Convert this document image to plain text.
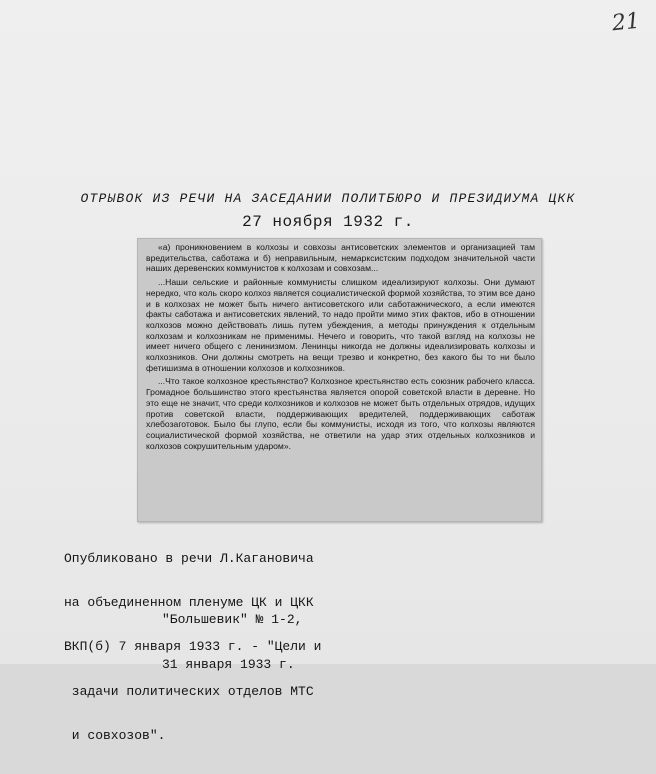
21
ОТРЫВОК ИЗ РЕЧИ НА ЗАСЕДАНИИ ПОЛИТБЮРО И ПРЕЗИДИУМА ЦКК
27 ноября 1932 г.

«а) проникновением в колхозы и совхозы антисоветских элементов и организацией там вредительства, саботажа и б) неправильным, немарксистским подходом значительной части наших деревенских коммунистов к колхозам и совхозам...

...Наши сельские и районные коммунисты слишком идеализируют колхозы. Они думают нередко, что коль скоро колхоз является социалистической формой хозяйства, то этим все дано и в колхозах не может быть ничего антисоветского или саботажнического, а если имеются факты саботажа и антисоветских явлений, то надо пройти мимо этих фактов, ибо в отношении колхозов можно действовать лишь путем убеждения, а методы принуждения к отдельным колхозам и колхозникам не применимы. Нечего и говорить, что такой взгляд на колхозы не имеет ничего общего с ленинизмом. Ленинцы никогда не должны идеализировать колхозы и колхозников. Они должны смотреть на вещи трезво и конкретно, без какого бы то ни было фетишизма в отношении колхозов и колхозников.

...Что такое колхозное крестьянство? Колхозное крестьянство есть союзник рабочего класса. Громадное большинство этого крестьянства является опорой советской власти в деревне. Но это еще не значит, что среди колхозников и колхозов не может быть отдельных отрядов, идущих против советской власти, поддерживающих вредителей, поддерживающих саботаж хлебозаготовок. Было бы глупо, если бы коммунисты, исходя из того, что колхозы являются социалистической формой хозяйства, не ответили на удар этих отдельных колхозников и колхозов сокрушительным ударом».

Опубликовано в речи Л.Кагановича

на объединенном пленуме ЦК и ЦКК

ВКП(б) 7 января 1933 г. - "Цели и

задачи политических отделов МТС

и совхозов".

"Большевик" № 1-2,

31 января 1933 г.
